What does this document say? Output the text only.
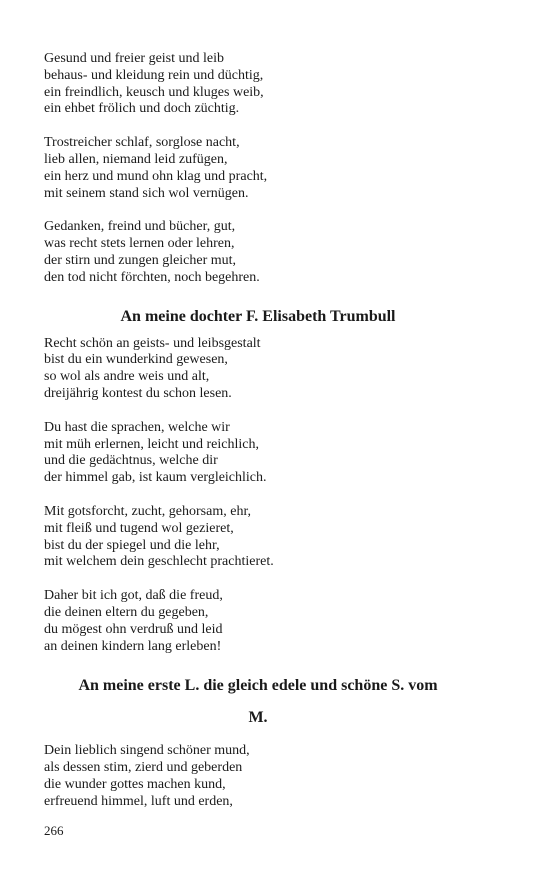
Gesund und freier geist und leib
behaus- und kleidung rein und düchtig,
ein freindlich, keusch und kluges weib,
ein ehbet frölich und doch züchtig.
Trostreicher schlaf, sorglose nacht,
lieb allen, niemand leid zufügen,
ein herz und mund ohn klag und pracht,
mit seinem stand sich wol vernügen.
Gedanken, freind und bücher, gut,
was recht stets lernen oder lehren,
der stirn und zungen gleicher mut,
den tod nicht förchten, noch begehren.
An meine dochter F. Elisabeth Trumbull
Recht schön an geists- und leibsgestalt
bist du ein wunderkind gewesen,
so wol als andre weis und alt,
dreijährig kontest du schon lesen.
Du hast die sprachen, welche wir
mit müh erlernen, leicht und reichlich,
und die gedächtnus, welche dir
der himmel gab, ist kaum vergleichlich.
Mit gotsforcht, zucht, gehorsam, ehr,
mit fleiß und tugend wol gezieret,
bist du der spiegel und die lehr,
mit welchem dein geschlecht prachtieret.
Daher bit ich got, daß die freud,
die deinen eltern du gegeben,
du mögest ohn verdruß und leid
an deinen kindern lang erleben!
An meine erste L. die gleich edele und schöne S. vom
M.
Dein lieblich singend schöner mund,
als dessen stim, zierd und geberden
die wunder gottes machen kund,
erfreuend himmel, luft und erden,
266
